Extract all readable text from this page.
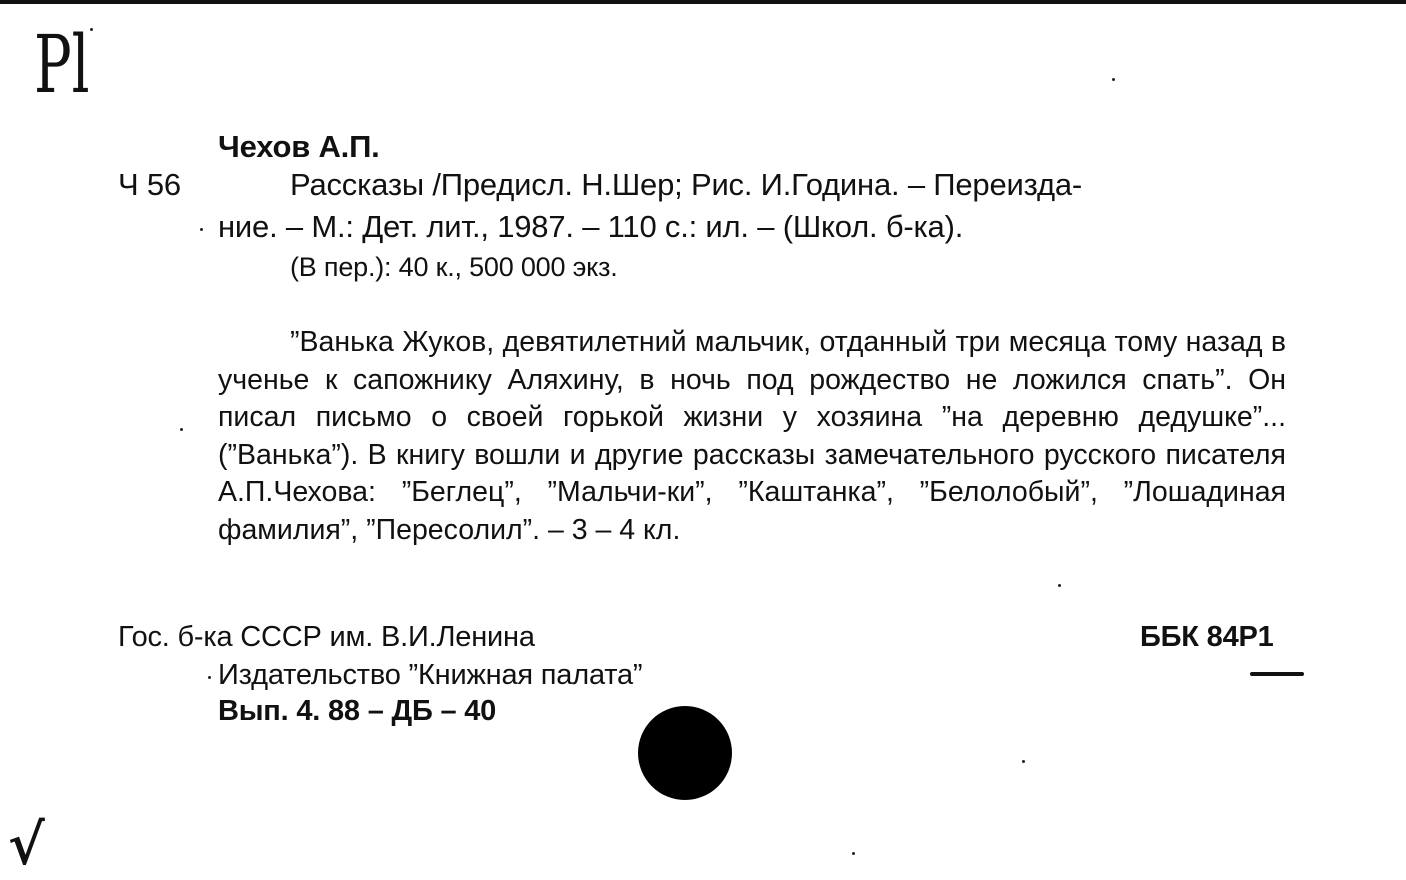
Pl
Чехов А.П.
Ч 56	Рассказы /Предисл. Н.Шер; Рис. И.Година. – Переизда-
ние. – М.: Дет. лит., 1987. – 110 с.: ил. – (Школ. б-ка).
(В пер.): 40 к., 500 000 экз.
”Ванька Жуков, девятилетний мальчик, отданный три месяца тому назад в ученье к сапожнику Аляхину, в ночь под рождество не ложился спать”. Он писал письмо о своей горькой жизни у хозяина ”на деревню дедушке”... (”Ванька”). В книгу вошли и другие рассказы замечательного русского писателя А.П.Чехова: ”Беглец”, ”Мальчи-ки”, ”Каштанка”, ”Белолобый”, ”Лошадиная фамилия”, ”Пересолил”. – 3 – 4 кл.
Гос. б-ка СССР им. В.И.Ленина
Издательство ”Книжная палата”
Вып. 4. 88 – ДБ – 40
ББК 84Р1
√
